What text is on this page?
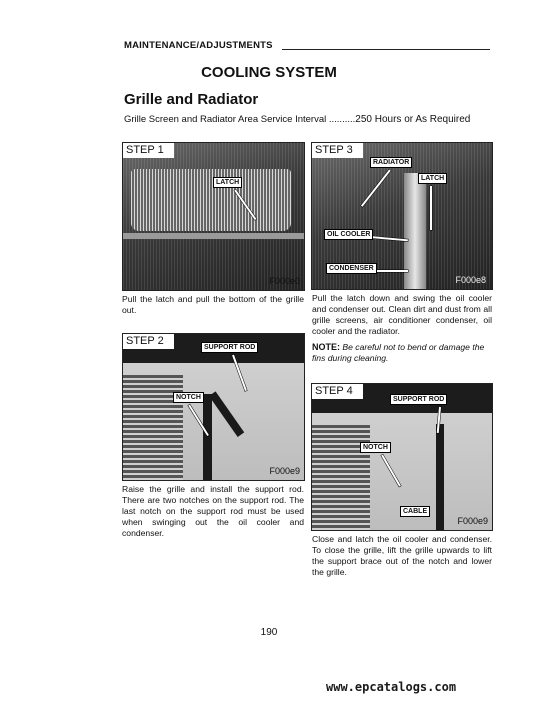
MAINTENANCE/ADJUSTMENTS
COOLING SYSTEM
Grille and Radiator
Grille Screen and Radiator Area Service Interval ..........250 Hours or As Required
STEP 1
LATCH
F000e0
Pull the latch and pull the bottom of the grille out.
STEP 2
SUPPORT ROD
NOTCH
F000e9
Raise the grille and install the support rod. There are two notches on the support rod. The last notch on the support rod must be used when swinging out the oil cooler and condenser.
STEP 3
RADIATOR
LATCH
OIL COOLER
CONDENSER
F000e8
Pull the latch down and swing the oil cooler and condenser out. Clean dirt and dust from all grille screens, air conditioner condenser, oil cooler and the radiator.
NOTE: Be careful not to bend or damage the fins during cleaning.
STEP 4
SUPPORT ROD
NOTCH
CABLE
F000e9
Close and latch the oil cooler and condenser. To close the grille, lift the grille upwards to lift the support brace out of the notch and lower the grille.
190
www.epcatalogs.com
